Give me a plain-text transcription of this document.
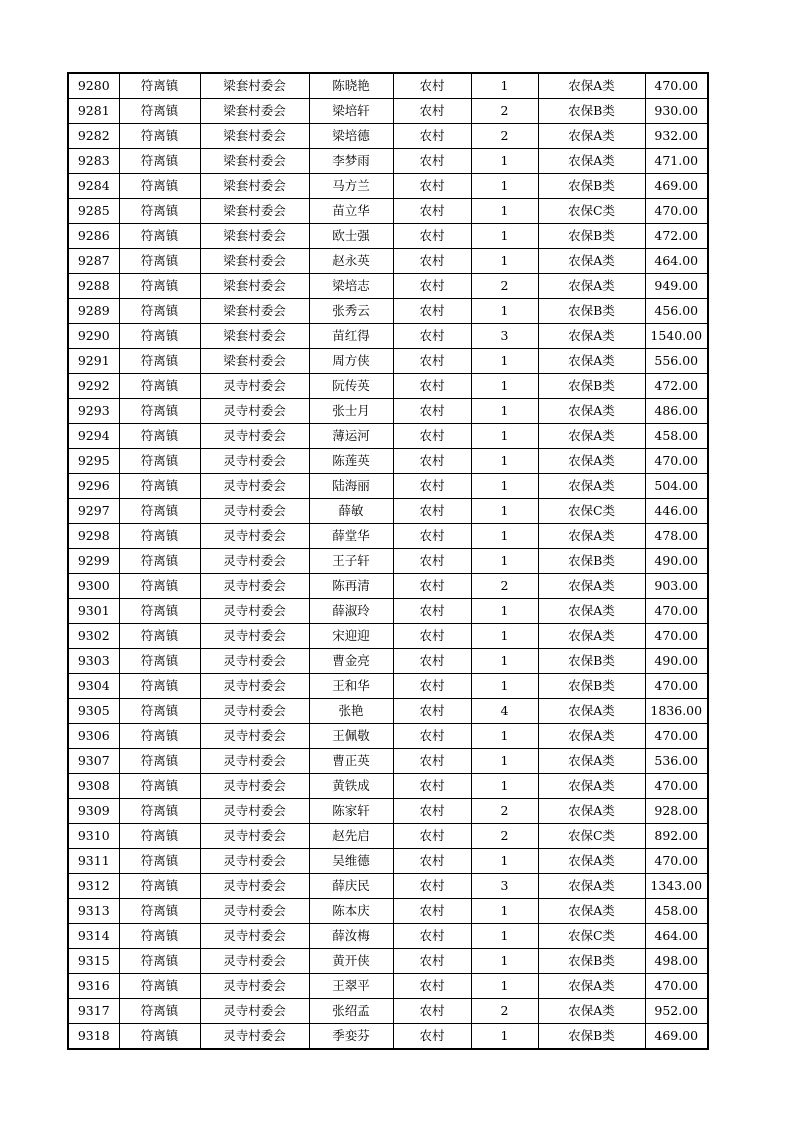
9280	符离镇	梁套村委会	陈晓艳	农村	1	农保A类	470.00
9281	符离镇	梁套村委会	梁培轩	农村	2	农保B类	930.00
9282	符离镇	梁套村委会	梁培德	农村	2	农保A类	932.00
9283	符离镇	梁套村委会	李梦雨	农村	1	农保A类	471.00
9284	符离镇	梁套村委会	马方兰	农村	1	农保B类	469.00
9285	符离镇	梁套村委会	苗立华	农村	1	农保C类	470.00
9286	符离镇	梁套村委会	欧士强	农村	1	农保B类	472.00
9287	符离镇	梁套村委会	赵永英	农村	1	农保A类	464.00
9288	符离镇	梁套村委会	梁培志	农村	2	农保A类	949.00
9289	符离镇	梁套村委会	张秀云	农村	1	农保B类	456.00
9290	符离镇	梁套村委会	苗红得	农村	3	农保A类	1540.00
9291	符离镇	梁套村委会	周方侠	农村	1	农保A类	556.00
9292	符离镇	灵寺村委会	阮传英	农村	1	农保B类	472.00
9293	符离镇	灵寺村委会	张士月	农村	1	农保A类	486.00
9294	符离镇	灵寺村委会	薄运河	农村	1	农保A类	458.00
9295	符离镇	灵寺村委会	陈莲英	农村	1	农保A类	470.00
9296	符离镇	灵寺村委会	陆海丽	农村	1	农保A类	504.00
9297	符离镇	灵寺村委会	薛敏	农村	1	农保C类	446.00
9298	符离镇	灵寺村委会	薛堂华	农村	1	农保A类	478.00
9299	符离镇	灵寺村委会	王子轩	农村	1	农保B类	490.00
9300	符离镇	灵寺村委会	陈再清	农村	2	农保A类	903.00
9301	符离镇	灵寺村委会	薛淑玲	农村	1	农保A类	470.00
9302	符离镇	灵寺村委会	宋迎迎	农村	1	农保A类	470.00
9303	符离镇	灵寺村委会	曹金亮	农村	1	农保B类	490.00
9304	符离镇	灵寺村委会	王和华	农村	1	农保B类	470.00
9305	符离镇	灵寺村委会	张艳	农村	4	农保A类	1836.00
9306	符离镇	灵寺村委会	王佩敬	农村	1	农保A类	470.00
9307	符离镇	灵寺村委会	曹正英	农村	1	农保A类	536.00
9308	符离镇	灵寺村委会	黄铁成	农村	1	农保A类	470.00
9309	符离镇	灵寺村委会	陈家轩	农村	2	农保A类	928.00
9310	符离镇	灵寺村委会	赵先启	农村	2	农保C类	892.00
9311	符离镇	灵寺村委会	吴维德	农村	1	农保A类	470.00
9312	符离镇	灵寺村委会	薛庆民	农村	3	农保A类	1343.00
9313	符离镇	灵寺村委会	陈本庆	农村	1	农保A类	458.00
9314	符离镇	灵寺村委会	薛汝梅	农村	1	农保C类	464.00
9315	符离镇	灵寺村委会	黄开侠	农村	1	农保B类	498.00
9316	符离镇	灵寺村委会	王翠平	农村	1	农保A类	470.00
9317	符离镇	灵寺村委会	张绍孟	农村	2	农保A类	952.00
9318	符离镇	灵寺村委会	季娈芬	农村	1	农保B类	469.00
